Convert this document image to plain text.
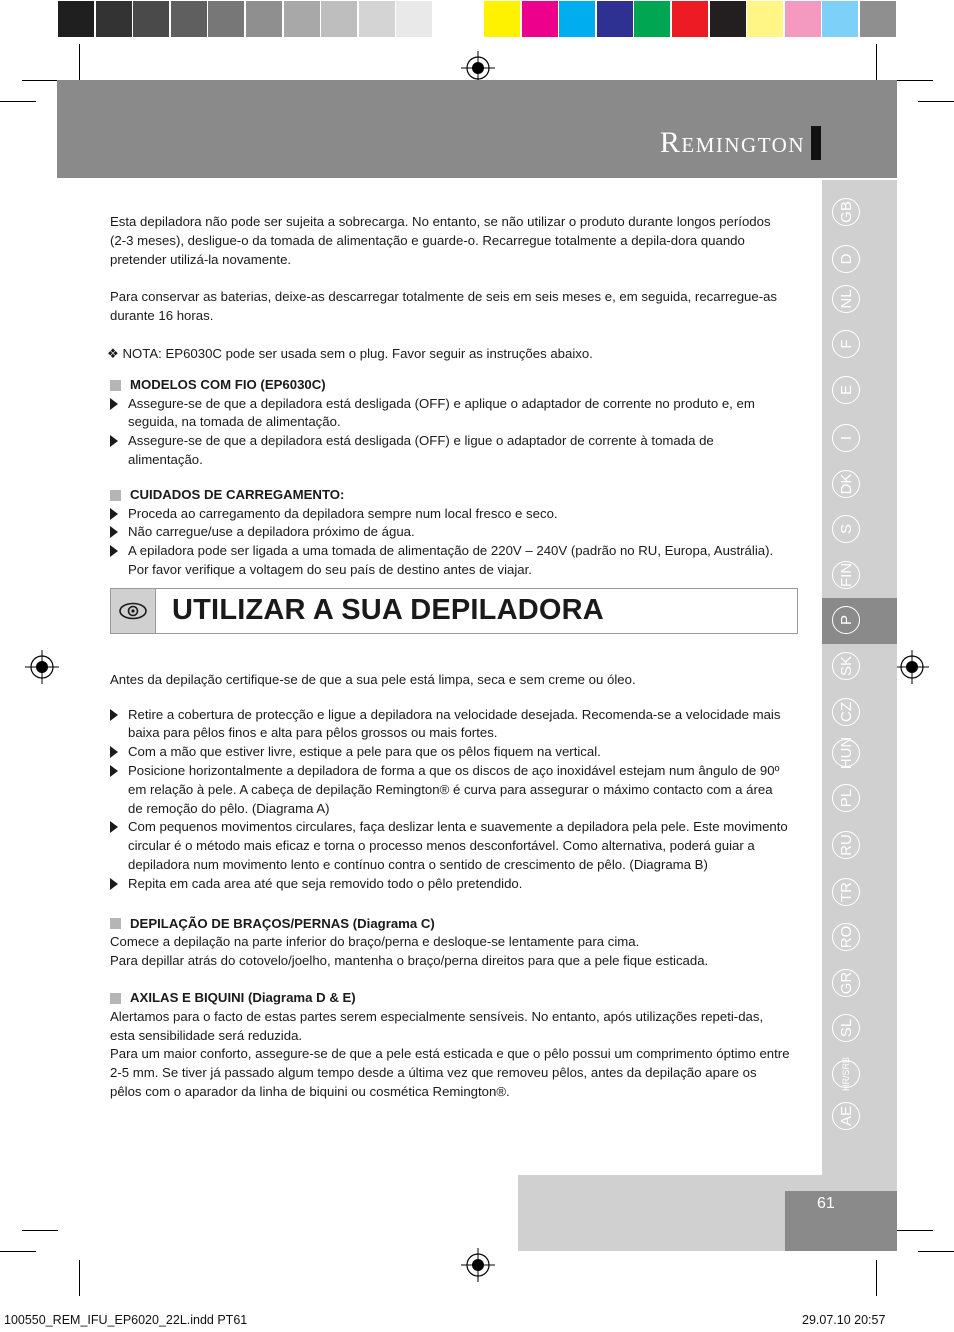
Remington
GB
D
NL
F
E
I
DK
S
FIN
P
SK
CZ
HUN
PL
RU
TR
RO
GR
SL
HR/SRB
AE

Esta depiladora não pode ser sujeita a sobrecarga. No entanto, se não utilizar o produto durante longos períodos (2-3 meses), desligue-o da tomada de alimentação e guarde-o. Recarregue totalmente a depila-dora quando pretender utilizá-la novamente.

Para conservar as baterias, deixe-as descarregar totalmente de seis em seis meses e, em seguida, recarregue-as durante 16 horas.

❖ NOTA: EP6030C pode ser usada sem o plug. Favor seguir as instruções abaixo.

MODELOS COM FIO
(EP6030C)

Assegure-se de que a depiladora está desligada (OFF) e aplique o adaptador de corrente no produto e, em seguida, na tomada de alimentação.
Assegure-se de que a depiladora está desligada (OFF) e ligue o adaptador de corrente à tomada de alimentação.

CUIDADOS DE CARREGAMENTO:

Proceda ao carregamento da depiladora sempre num local fresco e seco.
Não carregue/use a depiladora próximo de água.
A epiladora pode ser ligada a uma tomada de alimentação de 220V – 240V (padrão no RU, Europa, Austrália). Por favor verifique a voltagem do seu país de destino antes de viajar.
UTILIZAR A SUA DEPILADORA

Antes da depilação certifique-se de que a sua pele está limpa, seca e sem creme ou óleo.

Retire a cobertura de protecção e ligue a depiladora na velocidade desejada. Recomenda-se a velocidade mais baixa para pêlos finos e alta para pêlos grossos ou mais fortes.
Com a mão que estiver livre, estique a pele para que os pêlos fiquem na vertical.
Posicione horizontalmente a depiladora de forma a que os discos de aço inoxidável estejam num ângulo de 90º em relação à pele. A cabeça de depilação Remington® é curva para assegurar o máximo contacto com a área de remoção do pêlo. (Diagrama A)
Com pequenos movimentos circulares, faça deslizar lenta e suavemente a depiladora pela pele. Este movimento circular é o método mais eficaz e torna o processo menos desconfortável. Como alternativa, poderá guiar a depiladora num movimento lento e contínuo contra o sentido de crescimento de pêlo. (Diagrama B)
Repita em cada area até que seja removido todo o pêlo pretendido.

DEPILAÇÃO DE BRAÇOS/PERNAS (Diagrama C)

Comece a depilação na parte inferior do braço/perna e desloque-se lentamente para cima.

Para depillar atrás do cotovelo/joelho, mantenha o braço/perna direitos para que a pele fique esticada.

AXILAS E BIQUINI (Diagrama D & E)

Alertamos para o facto de estas partes serem especialmente sensíveis. No entanto, após utilizações repeti-das, esta sensibilidade será reduzida.

Para um maior conforto, assegure-se de que a pele está esticada e que o pêlo possui um comprimento óptimo entre 2-5 mm. Se tiver já passado algum tempo desde a última vez que removeu pêlos, antes da depilação apare os pêlos com o aparador da linha de biquini ou cosmética Remington®.

61
100550_REM_IFU_EP6020_22L.indd PT61	29.07.10 20:57
